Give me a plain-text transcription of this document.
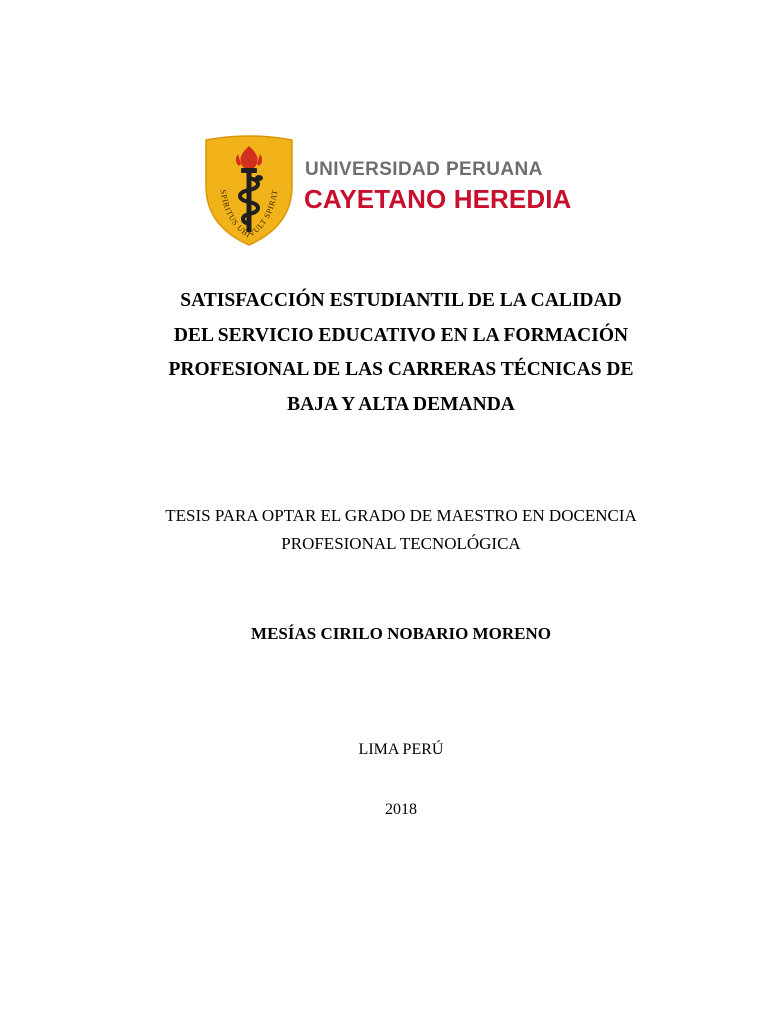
SPIRITUS UBI VULT SPIRAT
UNIVERSIDAD PERUANA
CAYETANO HEREDIA
SATISFACCIÓN ESTUDIANTIL DE LA CALIDAD
DEL SERVICIO EDUCATIVO EN LA FORMACIÓN
PROFESIONAL DE LAS CARRERAS TÉCNICAS DE
BAJA Y ALTA DEMANDA
TESIS PARA OPTAR EL GRADO DE MAESTRO EN DOCENCIA
PROFESIONAL TECNOLÓGICA
MESÍAS CIRILO NOBARIO MORENO
LIMA PERÚ
2018
